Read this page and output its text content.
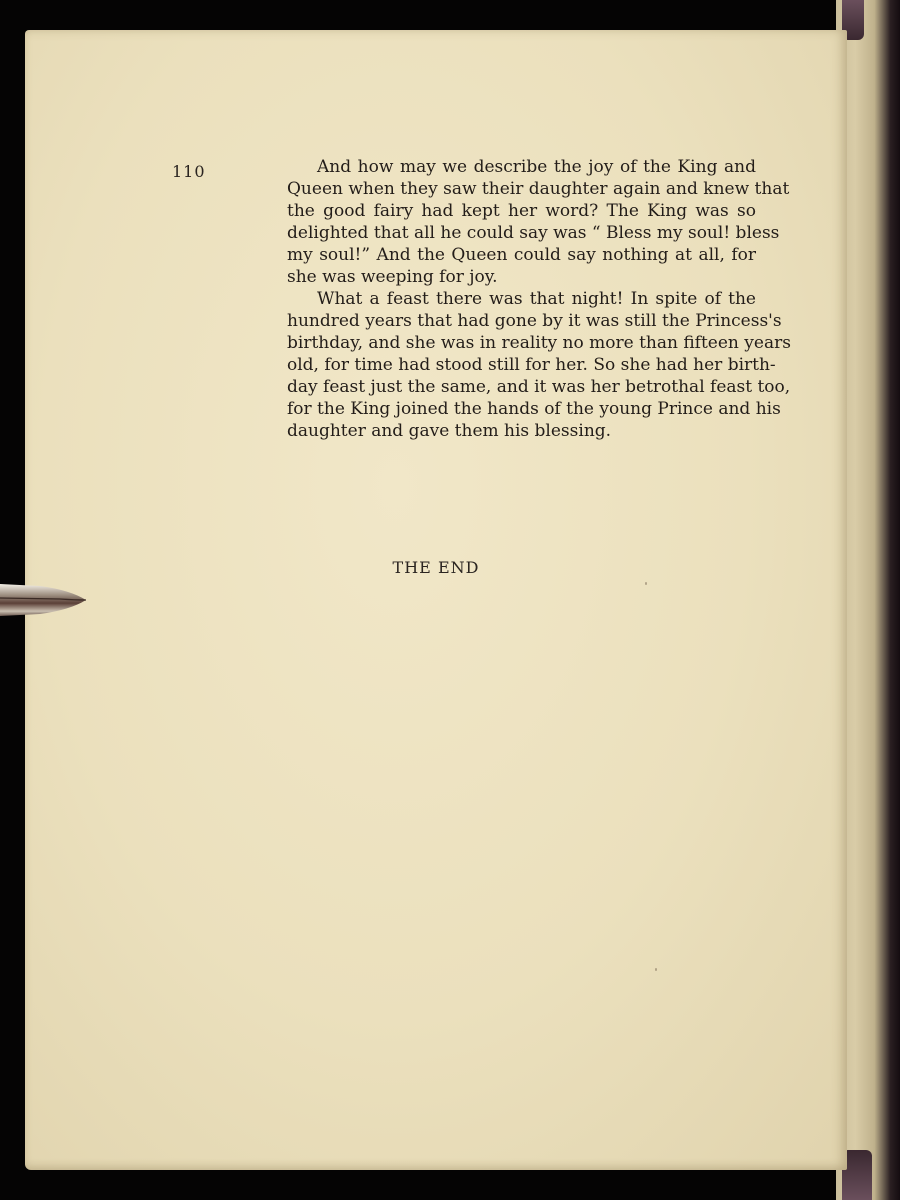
110	And how may we describe the joy of the King and
Queen when they saw their daughter again and knew that
the good fairy had kept her word? The King was so
delighted that all he could say was “ Bless my soul! bless
my soul!” And the Queen could say nothing at all, for
she was weeping for joy.
What a feast there was that night! In spite of the
hundred years that had gone by it was still the Princess's
birthday, and she was in reality no more than fifteen years
old, for time had stood still for her. So she had her birth-
day feast just the same, and it was her betrothal feast too,
for the King joined the hands of the young Prince and his
daughter and gave them his blessing.
THE END
